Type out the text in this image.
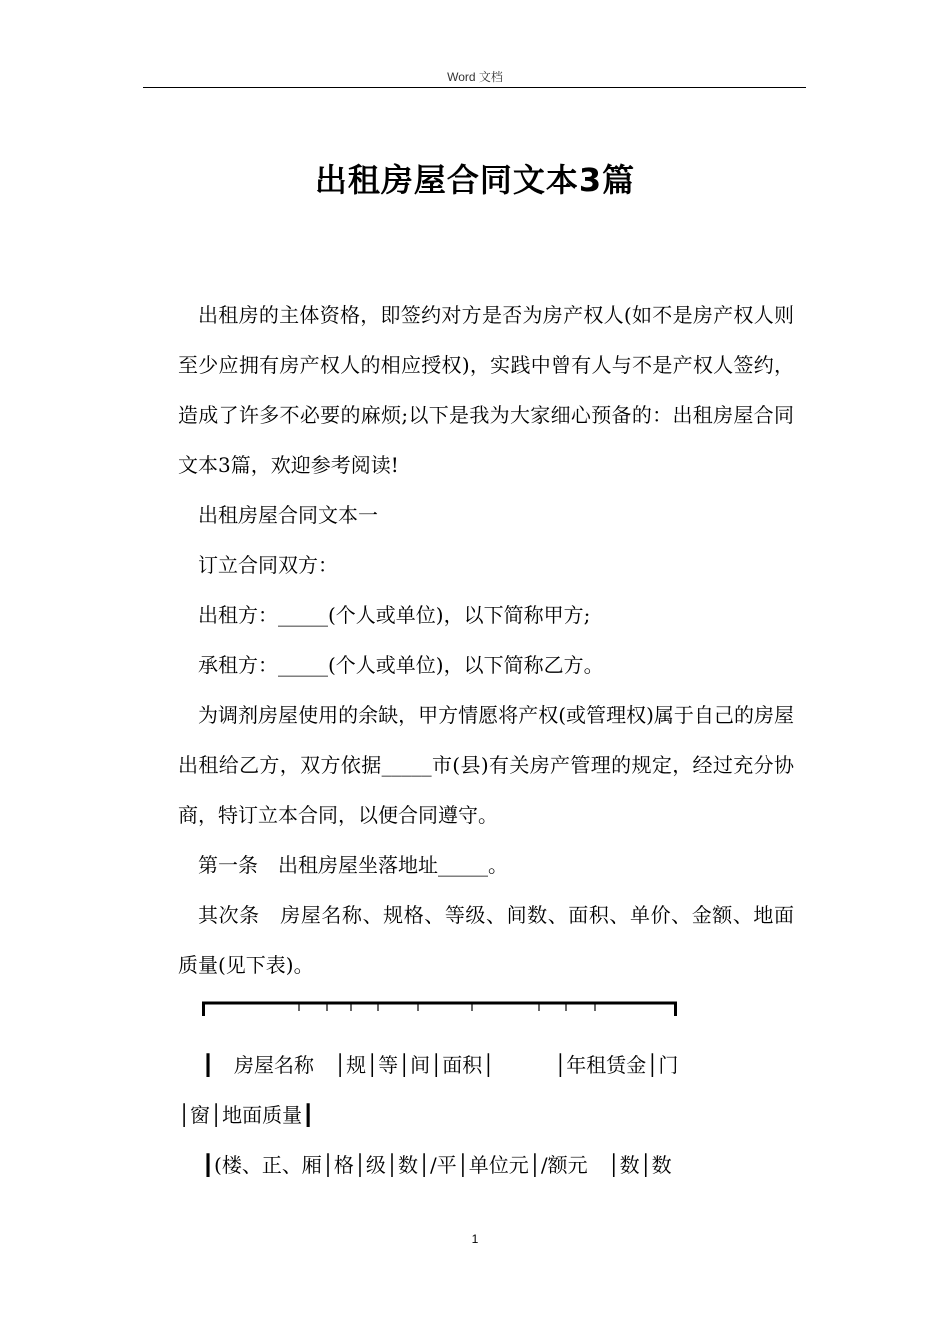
Word 文档
出租房屋合同文本3篇

出租房的主体资格，即签约对方是否为房产权人(如不是房产权人则至少应拥有房产权人的相应授权)，实践中曾有人与不是产权人签约，造成了许多不必要的麻烦;以下是我为大家细心预备的：出租房屋合同文本3篇，欢迎参考阅读!

出租房屋合同文本一

订立合同双方：

出租方：_____(个人或单位)，以下简称甲方;

承租方：_____(个人或单位)，以下简称乙方。

为调剂房屋使用的余缺，甲方情愿将产权(或管理权)属于自己的房屋出租给乙方，双方依据_____市(县)有关房产管理的规定，经过充分协商，特订立本合同，以便合同遵守。

第一条　出租房屋坐落地址_____。

其次条　房屋名称、规格、等级、间数、面积、单价、金额、地面质量(见下表)。

┃　房屋名称　│规│等│间│面积│　　　│年租赁金│门

│窗│地面质量┃

┃(楼、正、厢│格│级│数│/平│单位元│/额元　│数│数

1
